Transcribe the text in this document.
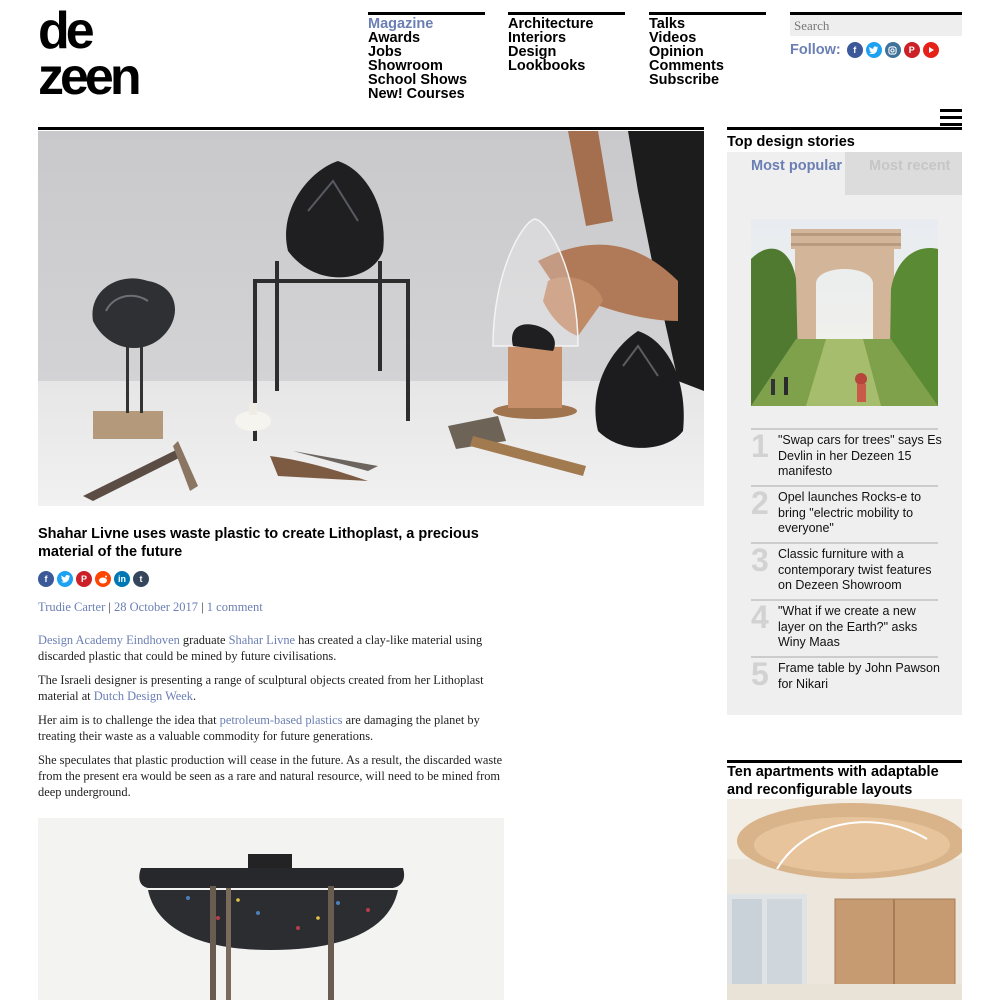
de
zeen
Magazine
Awards
Jobs
Showroom
School Shows
New! Courses
Architecture
Interiors
Design
Lookbooks
Talks
Videos
Opinion
Comments
Subscribe
Search
Follow:	f	P
Shahar Livne uses waste plastic to create Lithoplast, a precious material of the future
f	P	in	t
Trudie Carter | 28 October 2017 | 1 comment

Design Academy Eindhoven graduate Shahar Livne has created a clay-like material using discarded plastic that could be mined by future civilisations.

The Israeli designer is presenting a range of sculptural objects created from her Lithoplast material at Dutch Design Week.

Her aim is to challenge the idea that petroleum-based plastics are damaging the planet by treating their waste as a valuable commodity for future generations.

She speculates that plastic production will cease in the future. As a result, the discarded waste from the present era would be seen as a rare and natural resource, will need to be mined from deep underground.

Top design stories
Most popular	Most recent
1 "Swap cars for trees" says Es Devlin in her Dezeen 15 manifesto
2 Opel launches Rocks-e to bring "electric mobility to everyone"
3 Classic furniture with a contemporary twist features on Dezeen Showroom
4 "What if we create a new layer on the Earth?" asks Winy Maas
5 Frame table by John Pawson for Nikari
Ten apartments with adaptable and reconfigurable layouts
